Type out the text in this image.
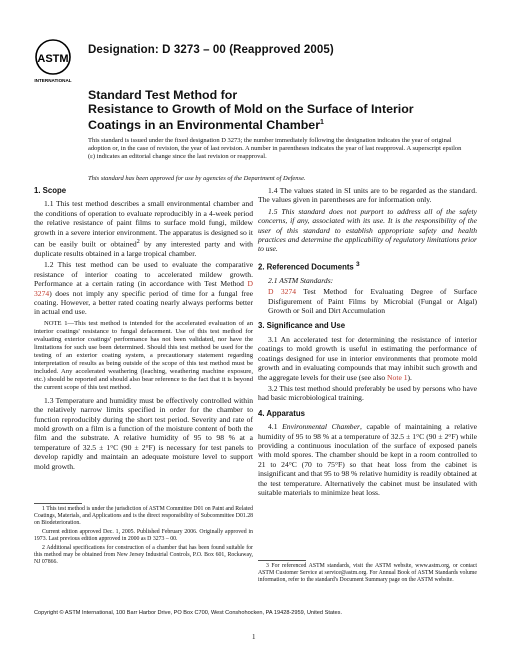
ASTM
INTERNATIONAL
Designation: D 3273 – 00 (Reapproved 2005)
Standard Test Method for
Resistance to Growth of Mold on the Surface of Interior
Coatings in an Environmental Chamber$^1$
This standard is issued under the fixed designation D 3273; the number immediately following the designation indicates the year of original adoption or, in the case of revision, the year of last revision. A number in parentheses indicates the year of last reapproval. A superscript epsilon (ε) indicates an editorial change since the last revision or reapproval.
This standard has been approved for use by agencies of the Department of Defense.
1. Scope

1.1 This test method describes a small environmental chamber and the conditions of operation to evaluate reproducibly in a 4-week period the relative resistance of paint films to surface mold fungi, mildew growth in a severe interior environment. The apparatus is designed so it can be easily built or obtained$^2$ by any interested party and with duplicate results obtained in a large tropical chamber.

1.2 This test method can be used to evaluate the comparative resistance of interior coating to accelerated mildew growth. Performance at a certain rating (in accordance with Test Method D 3274) does not imply any specific period of time for a fungal free coating. However, a better rated coating nearly always performs better in actual end use.

NOTE 1—This test method is intended for the accelerated evaluation of an interior coatings' resistance to fungal defacement. Use of this test method for evaluating exterior coatings' performance has not been validated, nor have the limitations for such use been determined. Should this test method be used for the testing of an exterior coating system, a precautionary statement regarding interpretation of results as being outside of the scope of this test method must be included. Any accelerated weathering (leaching, weathering machine exposure, etc.) should be reported and should also bear reference to the fact that it is beyond the current scope of this test method.

1.3 Temperature and humidity must be effectively controlled within the relatively narrow limits specified in order for the chamber to function reproducibly during the short test period. Severity and rate of mold growth on a film is a function of the moisture content of both the film and the substrate. A relative humidity of 95 to 98 % at a temperature of 32.5 ± 1°C (90 ± 2°F) is necessary for test panels to develop rapidly and maintain an adequate moisture level to support mold growth.

1 This test method is under the jurisdiction of ASTM Committee D01 on Paint and Related Coatings, Materials, and Applications and is the direct responsibility of Subcommittee D01.28 on Biodeterioration.

Current edition approved Dec. 1, 2005. Published February 2006. Originally approved in 1973. Last previous edition approved in 2000 as D 3273 – 00.

2 Additional specifications for construction of a chamber that has been found suitable for this method may be obtained from New Jersey Industrial Controls, P.O. Box 601, Rockaway, NJ 07866.

1.4 The values stated in SI units are to be regarded as the standard. The values given in parentheses are for information only.

1.5 This standard does not purport to address all of the safety concerns, if any, associated with its use. It is the responsibility of the user of this standard to establish appropriate safety and health practices and determine the applicability of regulatory limitations prior to use.

2. Referenced Documents $^3$

2.1 ASTM Standards:

D 3274 Test Method for Evaluating Degree of Surface Disfigurement of Paint Films by Microbial (Fungal or Algal) Growth or Soil and Dirt Accumulation

3. Significance and Use

3.1 An accelerated test for determining the resistance of interior coatings to mold growth is useful in estimating the performance of coatings designed for use in interior environments that promote mold growth and in evaluating compounds that may inhibit such growth and the aggregate levels for their use (see also Note 1).

3.2 This test method should preferably be used by persons who have had basic microbiological training.

4. Apparatus

4.1 Environmental Chamber, capable of maintaining a relative humidity of 95 to 98 % at a temperature of 32.5 ± 1°C (90 ± 2°F) while providing a continuous inoculation of the surface of exposed panels with mold spores. The chamber should be kept in a room controlled to 21 to 24°C (70 to 75°F) so that heat loss from the cabinet is insignificant and that 95 to 98 % relative humidity is readily obtained at the test temperature. Alternatively the cabinet must be insulated with suitable materials to minimize heat loss.

3 For referenced ASTM standards, visit the ASTM website, www.astm.org, or contact ASTM Customer Service at service@astm.org. For Annual Book of ASTM Standards volume information, refer to the standard's Document Summary page on the ASTM website.

Copyright © ASTM International, 100 Barr Harbor Drive, PO Box C700, West Conshohocken, PA 19428-2959, United States.
1
